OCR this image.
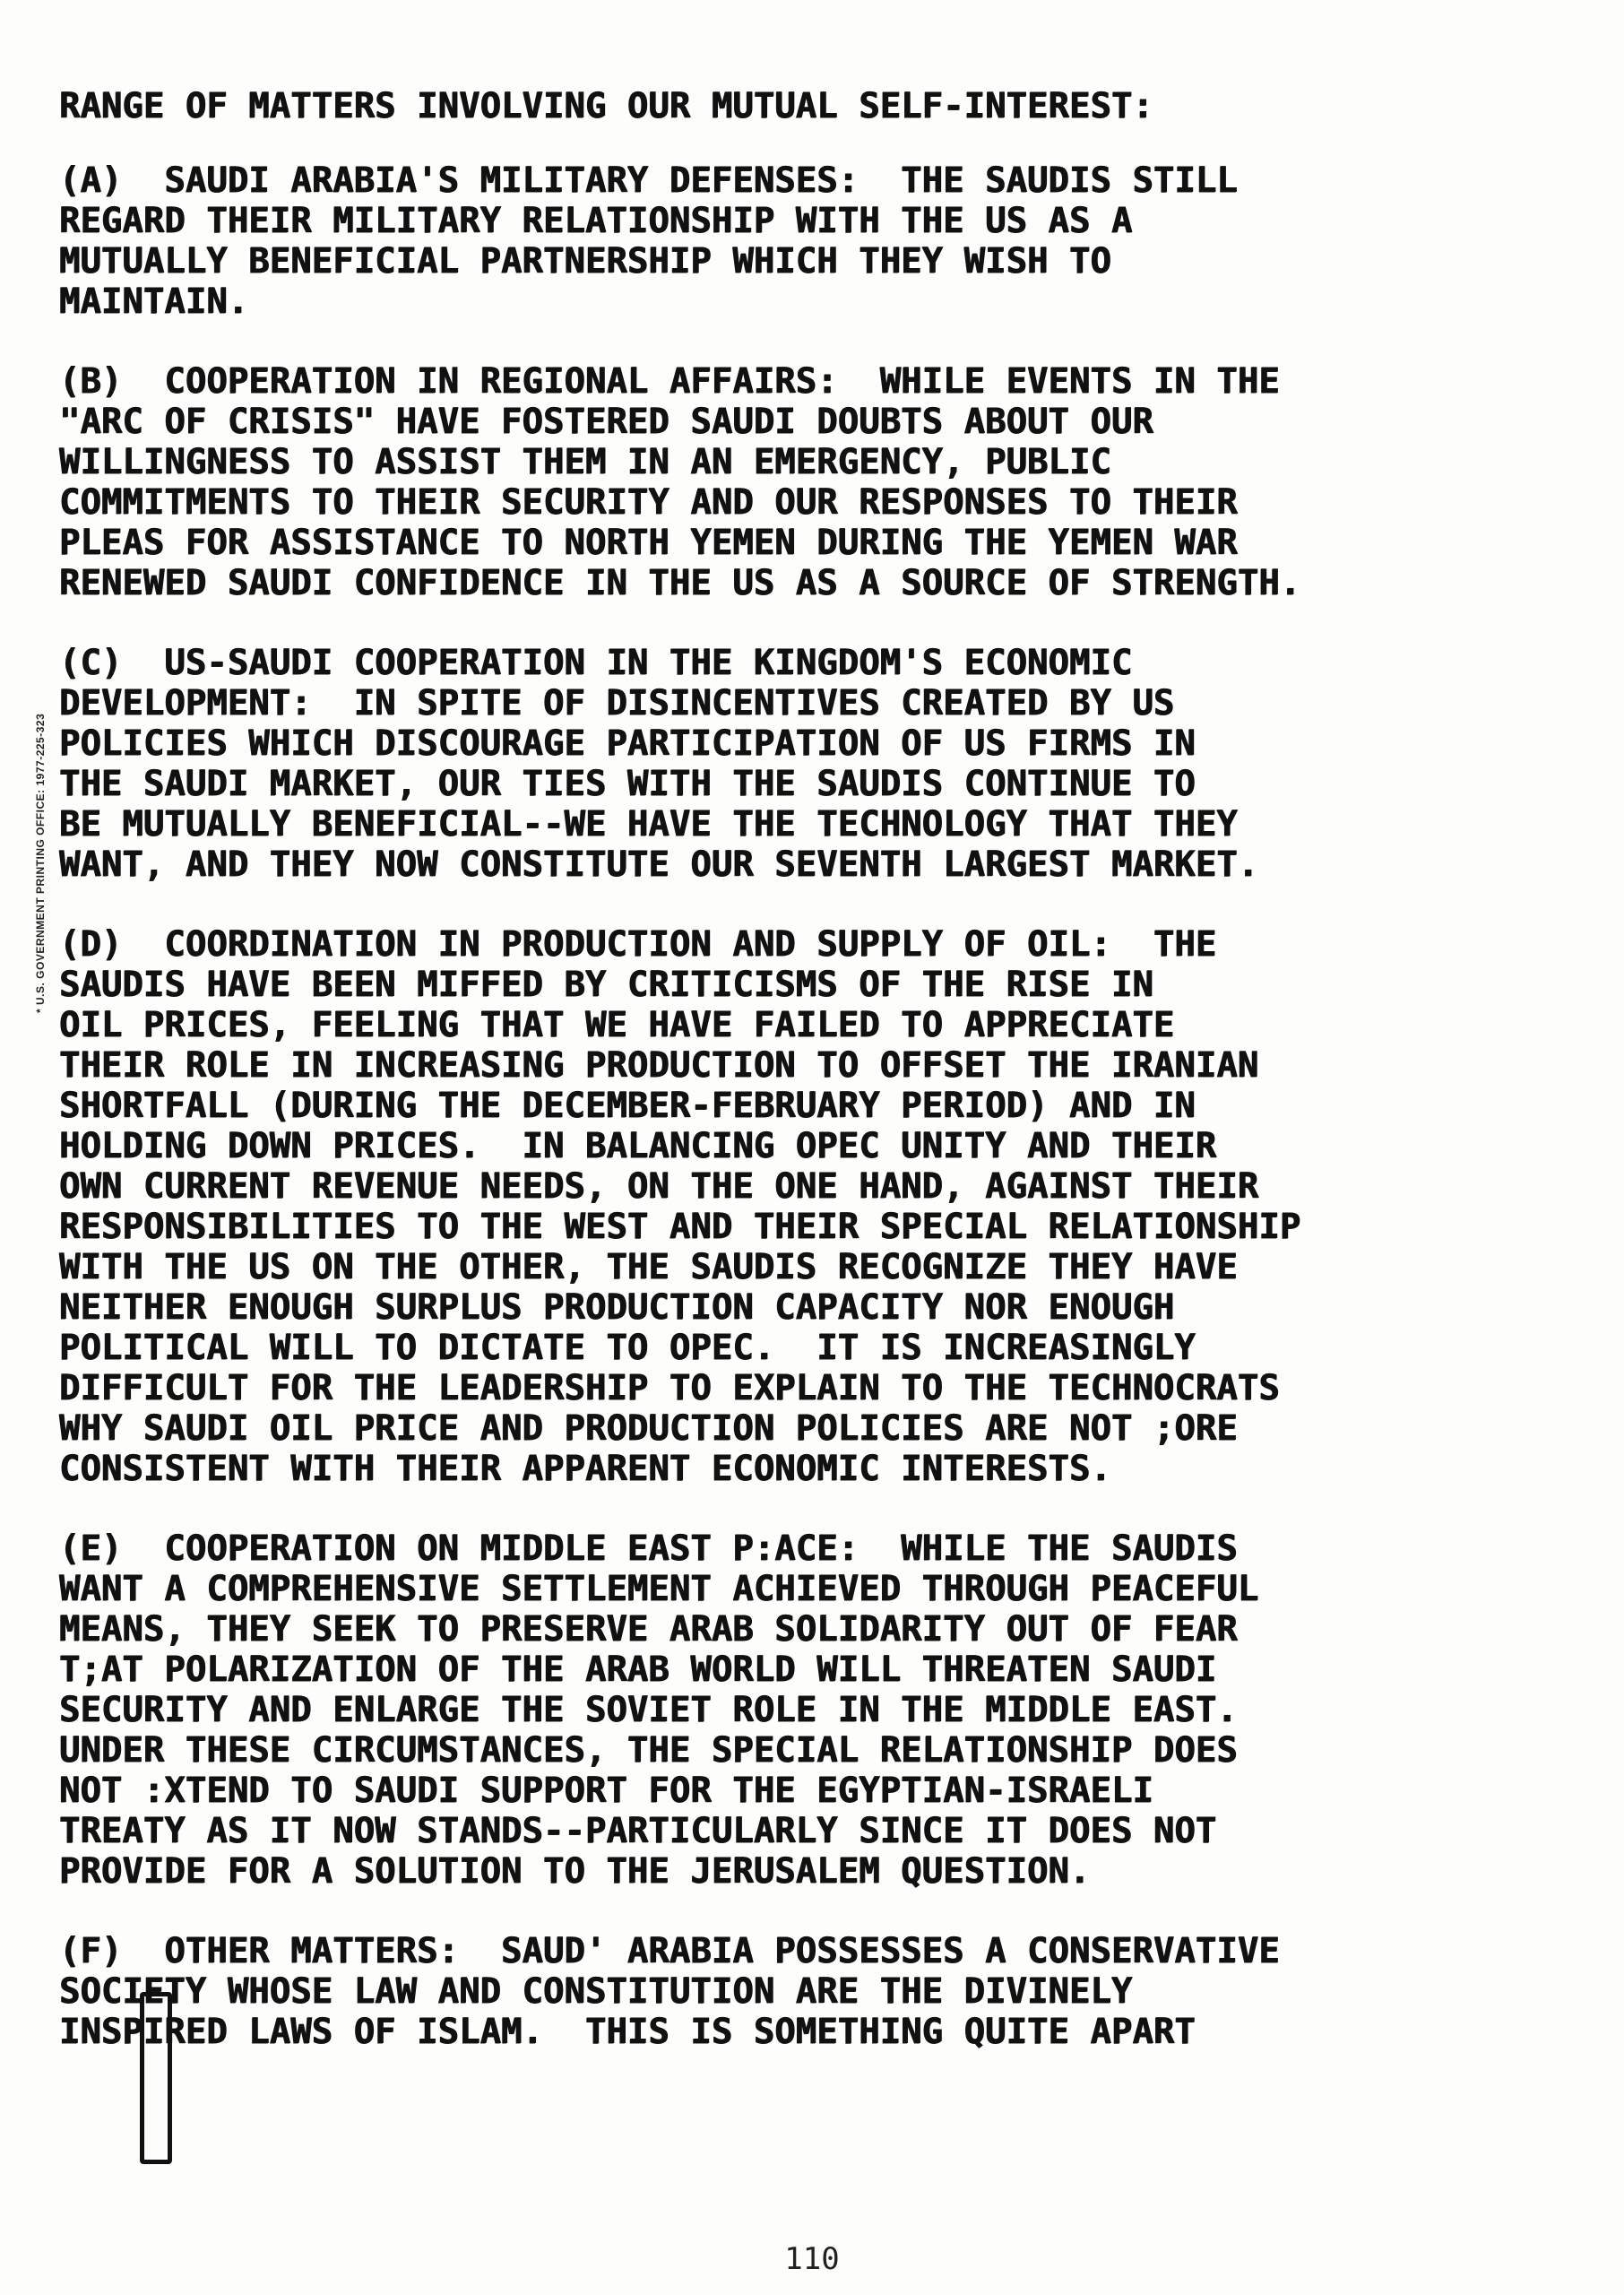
RANGE OF MATTERS INVOLVING OUR MUTUAL SELF-INTEREST:
(A)  SAUDI ARABIA'S MILITARY DEFENSES:  THE SAUDIS STILL
REGARD THEIR MILITARY RELATIONSHIP WITH THE US AS A
MUTUALLY BENEFICIAL PARTNERSHIP WHICH THEY WISH TO
MAINTAIN.
(B)  COOPERATION IN REGIONAL AFFAIRS:  WHILE EVENTS IN THE
"ARC OF CRISIS" HAVE FOSTERED SAUDI DOUBTS ABOUT OUR
WILLINGNESS TO ASSIST THEM IN AN EMERGENCY, PUBLIC
COMMITMENTS TO THEIR SECURITY AND OUR RESPONSES TO THEIR
PLEAS FOR ASSISTANCE TO NORTH YEMEN DURING THE YEMEN WAR
RENEWED SAUDI CONFIDENCE IN THE US AS A SOURCE OF STRENGTH.
(C)  US-SAUDI COOPERATION IN THE KINGDOM'S ECONOMIC
DEVELOPMENT:  IN SPITE OF DISINCENTIVES CREATED BY US
POLICIES WHICH DISCOURAGE PARTICIPATION OF US FIRMS IN
THE SAUDI MARKET, OUR TIES WITH THE SAUDIS CONTINUE TO
BE MUTUALLY BENEFICIAL--WE HAVE THE TECHNOLOGY THAT THEY
WANT, AND THEY NOW CONSTITUTE OUR SEVENTH LARGEST MARKET.
(D)  COORDINATION IN PRODUCTION AND SUPPLY OF OIL:  THE
SAUDIS HAVE BEEN MIFFED BY CRITICISMS OF THE RISE IN
OIL PRICES, FEELING THAT WE HAVE FAILED TO APPRECIATE
THEIR ROLE IN INCREASING PRODUCTION TO OFFSET THE IRANIAN
SHORTFALL (DURING THE DECEMBER-FEBRUARY PERIOD) AND IN
HOLDING DOWN PRICES.  IN BALANCING OPEC UNITY AND THEIR
OWN CURRENT REVENUE NEEDS, ON THE ONE HAND, AGAINST THEIR
RESPONSIBILITIES TO THE WEST AND THEIR SPECIAL RELATIONSHIP
WITH THE US ON THE OTHER, THE SAUDIS RECOGNIZE THEY HAVE
NEITHER ENOUGH SURPLUS PRODUCTION CAPACITY NOR ENOUGH
POLITICAL WILL TO DICTATE TO OPEC.  IT IS INCREASINGLY
DIFFICULT FOR THE LEADERSHIP TO EXPLAIN TO THE TECHNOCRATS
WHY SAUDI OIL PRICE AND PRODUCTION POLICIES ARE NOT ;ORE
CONSISTENT WITH THEIR APPARENT ECONOMIC INTERESTS.
(E)  COOPERATION ON MIDDLE EAST P:ACE:  WHILE THE SAUDIS
WANT A COMPREHENSIVE SETTLEMENT ACHIEVED THROUGH PEACEFUL
MEANS, THEY SEEK TO PRESERVE ARAB SOLIDARITY OUT OF FEAR
T;AT POLARIZATION OF THE ARAB WORLD WILL THREATEN SAUDI
SECURITY AND ENLARGE THE SOVIET ROLE IN THE MIDDLE EAST.
UNDER THESE CIRCUMSTANCES, THE SPECIAL RELATIONSHIP DOES
NOT :XTEND TO SAUDI SUPPORT FOR THE EGYPTIAN-ISRAELI
TREATY AS IT NOW STANDS--PARTICULARLY SINCE IT DOES NOT
PROVIDE FOR A SOLUTION TO THE JERUSALEM QUESTION.
(F)  OTHER MATTERS:  SAUD' ARABIA POSSESSES A CONSERVATIVE
SOCIETY WHOSE LAW AND CONSTITUTION ARE THE DIVINELY
INSPIRED LAWS OF ISLAM.  THIS IS SOMETHING QUITE APART
* U.S. GOVERNMENT PRINTING OFFICE: 1977-225-323
110
